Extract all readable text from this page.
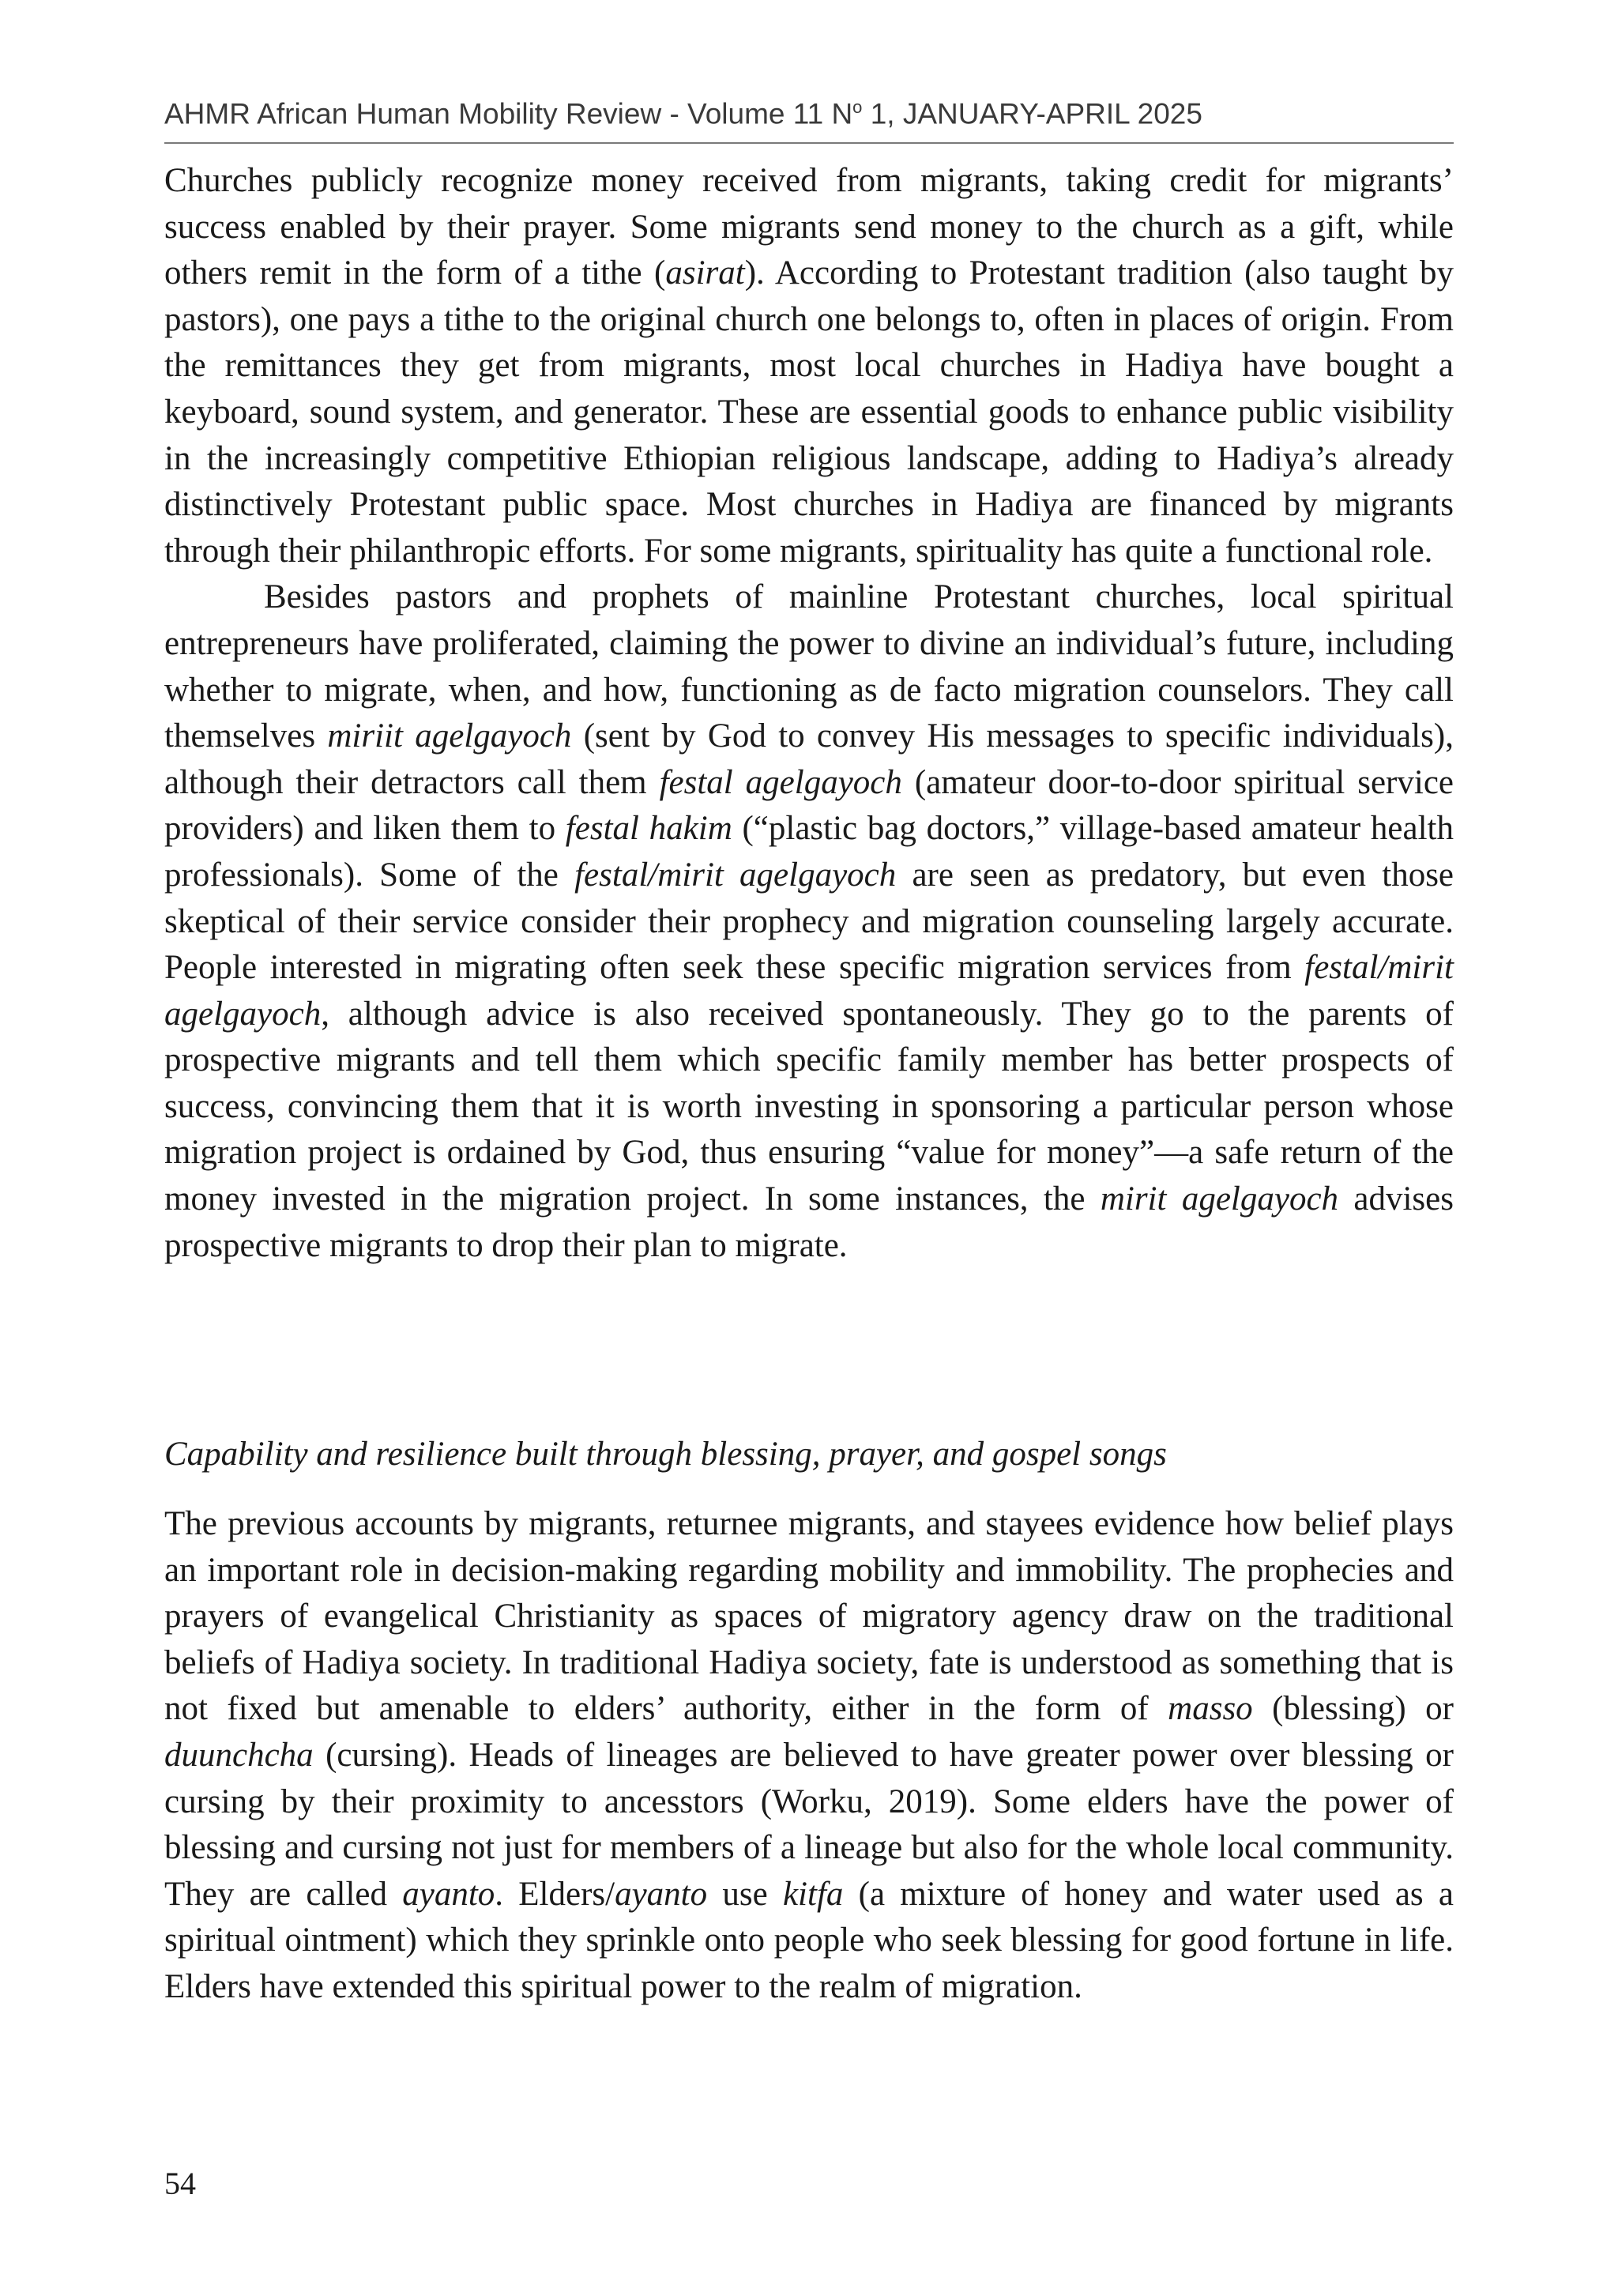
AHMR African Human Mobility Review - Volume 11 $N^o$ 1, JANUARY-APRIL 2025

Churches publicly recognize money received from migrants, taking credit for migrants’ success enabled by their prayer. Some migrants send money to the church as a gift, while others remit in the form of a tithe (asirat). According to Protestant tradition (also taught by pastors), one pays a tithe to the original church one belongs to, often in places of origin. From the remittances they get from migrants, most local churches in Hadiya have bought a keyboard, sound system, and generator. These are essential goods to enhance public visibility in the increasingly competitive Ethiopian religious landscape, adding to Hadiya’s already distinctively Protestant public space. Most churches in Hadiya are financed by migrants through their philanthropic efforts. For some migrants, spirituality has quite a functional role.

Besides pastors and prophets of mainline Protestant churches, local spiritual entrepreneurs have proliferated, claiming the power to divine an individual’s future, including whether to migrate, when, and how, functioning as de facto migration counselors. They call themselves miriit agelgayoch (sent by God to convey His messages to specific individuals), although their detractors call them festal agelgayoch (amateur door-to-door spiritual service providers) and liken them to festal hakim (“plastic bag doctors,” village-based amateur health professionals). Some of the festal/mirit agelgayoch are seen as predatory, but even those skeptical of their service consider their prophecy and migration counseling largely accurate. People interested in migrating often seek these specific migration services from festal/mirit agelgayoch, although advice is also received spontaneously. They go to the parents of prospective migrants and tell them which specific family member has better prospects of success, convincing them that it is worth investing in sponsoring a particular person whose migration project is ordained by God, thus ensuring “value for money”—a safe return of the money invested in the migration project. In some instances, the mirit agelgayoch advises prospective migrants to drop their plan to migrate.

Capability and resilience built through blessing, prayer, and gospel songs

The previous accounts by migrants, returnee migrants, and stayees evidence how belief plays an important role in decision-making regarding mobility and immobility. The prophecies and prayers of evangelical Christianity as spaces of migratory agency draw on the traditional beliefs of Hadiya society. In traditional Hadiya society, fate is understood as something that is not fixed but amenable to elders’ authority, either in the form of masso (blessing) or duunchcha (cursing). Heads of lineages are believed to have greater power over blessing or cursing by their proximity to ancesstors (Worku, 2019). Some elders have the power of blessing and cursing not just for members of a lineage but also for the whole local community. They are called ayanto. Elders/ayanto use kitfa (a mixture of honey and water used as a spiritual ointment) which they sprinkle onto people who seek blessing for good fortune in life. Elders have extended this spiritual power to the realm of migration.

54
